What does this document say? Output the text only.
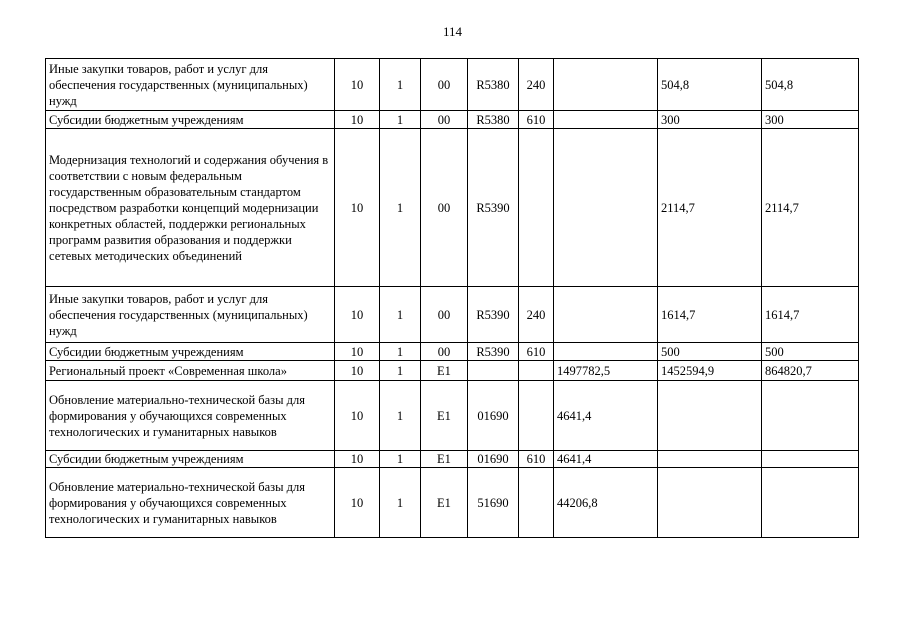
114
Иные закупки товаров, работ и услуг для обеспечения государственных (муниципальных) нужд	10	1	00	R5380	240		504,8	504,8
Субсидии бюджетным учреждениям	10	1	00	R5380	610		300	300
Модернизация технологий и содержания обучения в соответствии с новым федеральным государственным образовательным стандартом посредством разработки концепций модернизации конкретных областей, поддержки региональных программ развития образования и поддержки сетевых методических объединений	10	1	00	R5390			2114,7	2114,7
Иные закупки товаров, работ и услуг для обеспечения государственных (муниципальных) нужд	10	1	00	R5390	240		1614,7	1614,7
Субсидии бюджетным учреждениям	10	1	00	R5390	610		500	500
Региональный проект «Современная школа»	10	1	E1			1497782,5	1452594,9	864820,7
Обновление материально-технической базы для формирования у обучающихся современных технологических и гуманитарных навыков	10	1	E1	01690		4641,4		
Субсидии бюджетным учреждениям	10	1	E1	01690	610	4641,4		
Обновление материально-технической базы для формирования у обучающихся современных технологических и гуманитарных навыков	10	1	E1	51690		44206,8		
